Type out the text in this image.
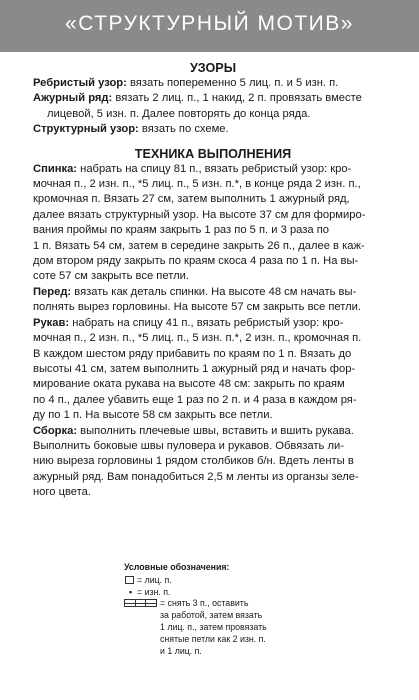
«СТРУКТУРНЫЙ МОТИВ»
УЗОРЫ

Ребристый узор: вязать попеременно 5 лиц. п. и 5 изн. п.

Ажурный ряд: вязать 2 лиц. п., 1 накид, 2 п. провязать вместе

лицевой, 5 изн. п. Далее повторять до конца ряда.

Структурный узор: вязать по схеме.

ТЕХНИКА ВЫПОЛНЕНИЯ

Спинка: набрать на спицу 81 п., вязать ребристый узор: кро-

мочная п., 2 изн. п., *5 лиц. п., 5 изн. п.*, в конце ряда 2 изн. п.,

кромочная п. Вязать 27 см, затем выполнить 1 ажурный ряд,

далее вязать структурный узор. На высоте 37 см для формиро-

вания проймы по краям закрыть 1 раз по 5 п. и 3 раза по

1 п. Вязать 54 см, затем в середине закрыть 26 п., далее в каж-

дом втором ряду закрыть по краям скоса 4 раза по 1 п. На вы-

соте 57 см закрыть все петли.

Перед: вязать как деталь спинки. На высоте 48 см начать вы-

полнять вырез горловины. На высоте 57 см закрыть все петли.

Рукав: набрать на спицу 41 п., вязать ребристый узор: кро-

мочная п., 2 изн. п., *5 лиц. п., 5 изн. п.*, 2 изн. п., кромочная п.

В каждом шестом ряду прибавить по краям по 1 п. Вязать до

высоты 41 см, затем выполнить 1 ажурный ряд и начать фор-

мирование оката рукава на высоте 48 см: закрыть по краям

по 4 п., далее убавить еще 1 раз по 2 п. и 4 раза в каждом ря-

ду по 1 п. На высоте 58 см закрыть все петли.

Сборка: выполнить плечевые швы, вставить и вшить рукава.

Выполнить боковые швы пуловера и рукавов. Обвязать ли-

нию выреза горловины 1 рядом столбиков б/н. Вдеть ленты в

ажурный ряд. Вам понадобиться 2,5 м ленты из органзы зеле-

ного цвета.

Условные обозначения:
= лиц. п.
• = изн. п.
= снять 3 п., оставить
за работой, затем вязать
1 лиц. п., затем провязать
снятые петли как 2 изн. п.
и 1 лиц. п.
